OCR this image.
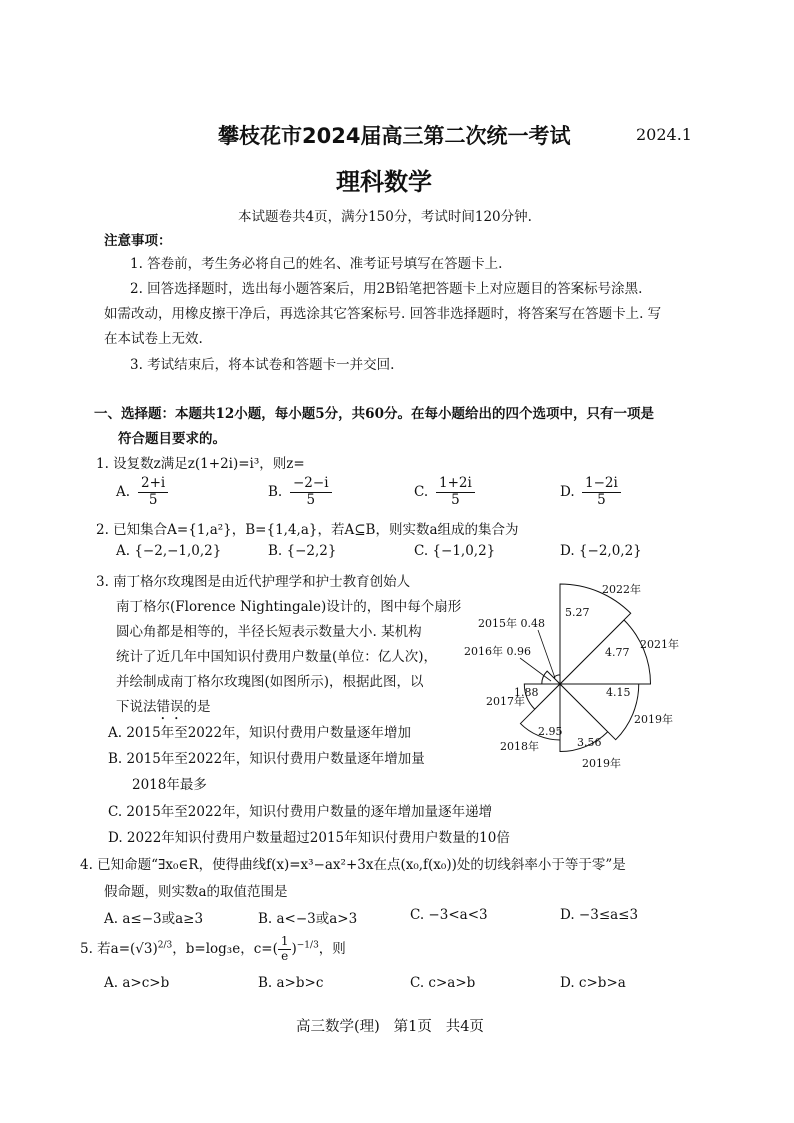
攀枝花市2024届高三第二次统一考试	2024.1
理科数学
本试题卷共4页，满分150分，考试时间120分钟.
注意事项：
1. 答卷前，考生务必将自己的姓名、准考证号填写在答题卡上.
2. 回答选择题时，选出每小题答案后，用2B铅笔把答题卡上对应题目的答案标号涂黑.
如需改动，用橡皮擦干净后，再选涂其它答案标号. 回答非选择题时，将答案写在答题卡上. 写
在本试卷上无效.
3. 考试结束后，将本试卷和答题卡一并交回.
一、选择题：本题共12小题，每小题5分，共60分。在每小题给出的四个选项中，只有一项是
符合题目要求的。
1. 设复数z满足z(1+2i)=i³，则z=
A. $\frac{2+i}{5}$	B. $\frac{-2-i}{5}$	C. $\frac{1+2i}{5}$	D. $\frac{1-2i}{5}$
2. 已知集合A={1,a²}，B={1,4,a}，若A⊆B，则实数a组成的集合为
A. {−2,−1,0,2}	B. {−2,2}	C. {−1,0,2}	D. {−2,0,2}
3. 南丁格尔玫瑰图是由近代护理学和护士教育创始人
南丁格尔(Florence Nightingale)设计的，图中每个扇形
圆心角都是相等的，半径长短表示数量大小. 某机构
统计了近几年中国知识付费用户数量(单位：亿人次)，
并绘制成南丁格尔玫瑰图(如图所示)，根据此图，以
下说法错误的是
A. 2015年至2022年，知识付费用户数量逐年增加
B. 2015年至2022年，知识付费用户数量逐年增加量
2018年最多
C. 2015年至2022年，知识付费用户数量的逐年增加量逐年递增
D. 2022年知识付费用户数量超过2015年知识付费用户数量的10倍
2022年
5.27
2021年
4.77
4.15
2019年
3.56
2019年
2.95
2018年
1.88
2017年
2016年 0.96
2015年 0.48
4. 已知命题“∃x₀∈R，使得曲线f(x)=x³−ax²+3x在点(x₀,f(x₀))处的切线斜率小于等于零”是
假命题，则实数a的取值范围是
A. a≤−3或a≥3	B. a<−3或a>3	C. −3<a<3	D. −3≤a≤3
5. 若$a=(√3)^{2/3}$，b=log₃e，$c=( \frac{1}{e} )^{-1/3}$，则
A. a>c>b	B. a>b>c	C. c>a>b	D. c>b>a
高三数学(理)   第1页   共4页
